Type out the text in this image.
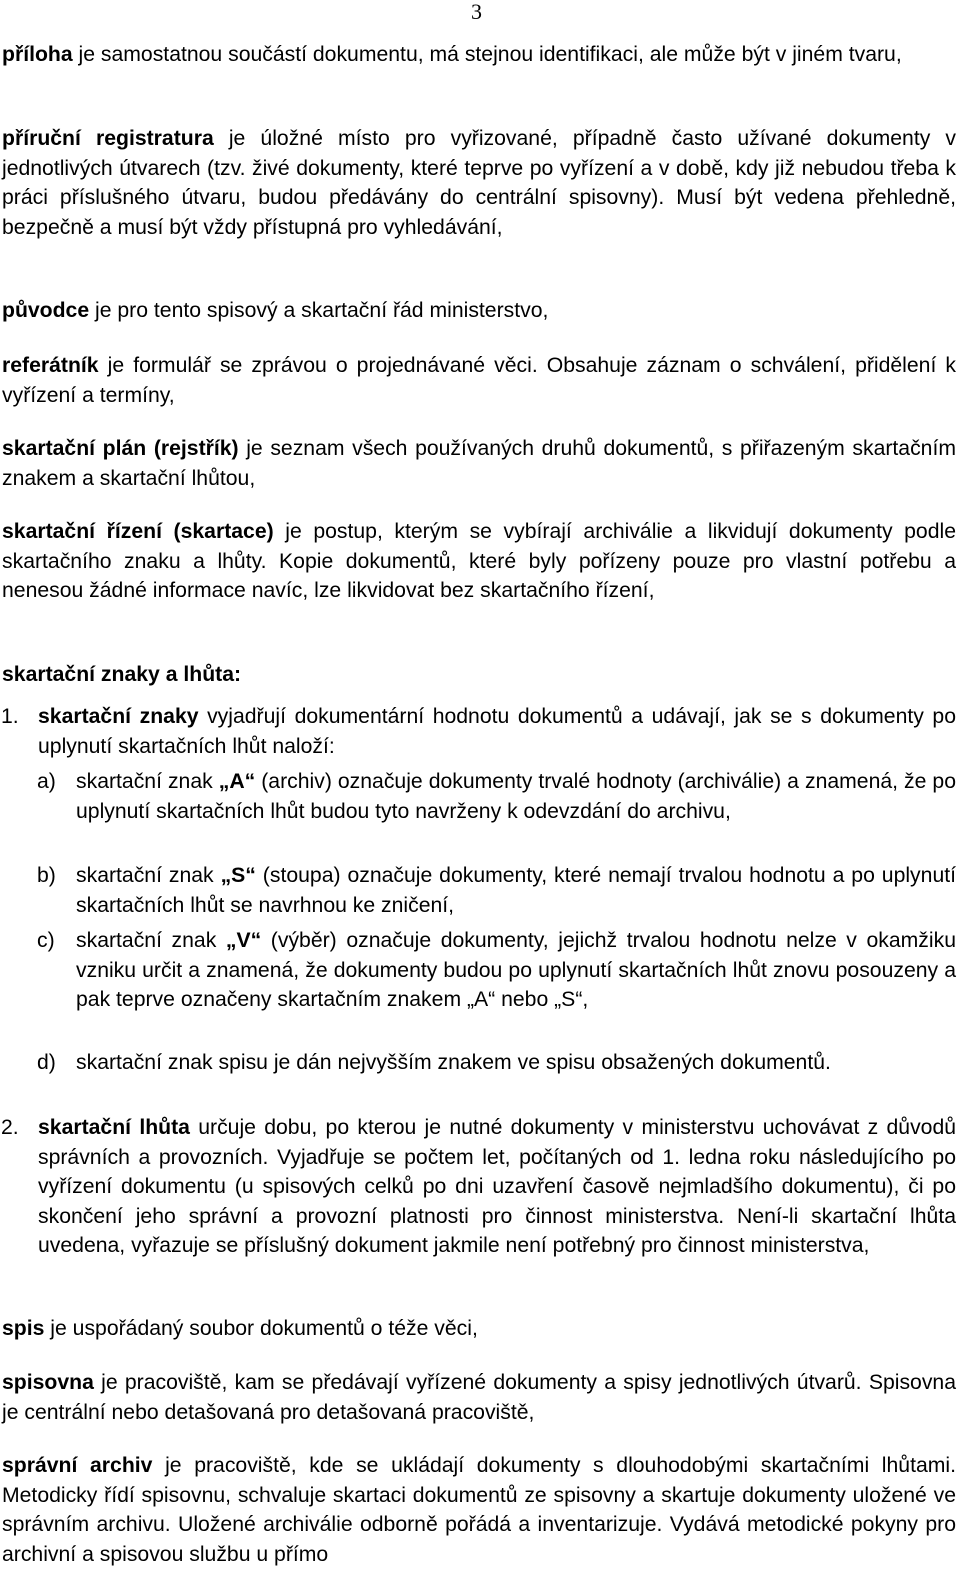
3

příloha je samostatnou součástí dokumentu, má stejnou identifikaci, ale může být v jiném tvaru,

příruční registratura je úložné místo pro vyřizované, případně často užívané dokumenty v jednotlivých útvarech (tzv. živé dokumenty, které teprve po vyřízení a v době, kdy již nebudou třeba k práci příslušného útvaru, budou předávány do centrální spisovny). Musí být vedena přehledně, bezpečně a musí být vždy přístupná pro vyhledávání,

původce je pro tento spisový a skartační řád ministerstvo,

referátník je formulář se zprávou o projednávané věci. Obsahuje záznam o schválení, přidělení k vyřízení a termíny,

skartační plán (rejstřík) je seznam všech používaných druhů dokumentů, s přiřazeným skartačním znakem a skartační lhůtou,

skartační řízení (skartace) je postup, kterým se vybírají archiválie a likvidují dokumenty podle skartačního znaku a lhůty. Kopie dokumentů, které byly pořízeny pouze pro vlastní potřebu a nenesou žádné informace navíc, lze likvidovat bez skartačního řízení,

skartační znaky a lhůta:

1. skartační znaky vyjadřují dokumentární hodnotu dokumentů a udávají, jak se s dokumenty po uplynutí skartačních lhůt naloží:
a) skartační znak „A“ (archiv) označuje dokumenty trvalé hodnoty (archiválie) a znamená, že po uplynutí skartačních lhůt budou tyto navrženy k odevzdání do archivu,
b) skartační znak „S“ (stoupa) označuje dokumenty, které nemají trvalou hodnotu a po uplynutí skartačních lhůt se navrhnou ke zničení,
c) skartační znak „V“ (výběr) označuje dokumenty, jejichž trvalou hodnotu nelze v okamžiku vzniku určit a znamená, že dokumenty budou po uplynutí skartačních lhůt znovu posouzeny a pak teprve označeny skartačním znakem „A“ nebo „S“,
d) skartační znak spisu je dán nejvyšším znakem ve spisu obsažených dokumentů.
2. skartační lhůta určuje dobu, po kterou je nutné dokumenty v ministerstvu uchovávat z důvodů správních a provozních. Vyjadřuje se počtem let, počítaných od 1. ledna roku následujícího po vyřízení dokumentu (u spisových celků po dni uzavření časově nejmladšího dokumentu), či po skončení jeho správní a provozní platnosti pro činnost ministerstva. Není-li skartační lhůta uvedena, vyřazuje se příslušný dokument jakmile není potřebný pro činnost ministerstva,

spis je uspořádaný soubor dokumentů o téže věci,

spisovna je pracoviště, kam se předávají vyřízené dokumenty a spisy jednotlivých útvarů. Spisovna je centrální nebo detašovaná pro detašovaná pracoviště,

správní archiv je pracoviště, kde se ukládají dokumenty s dlouhodobými skartačními lhůtami. Metodicky řídí spisovnu, schvaluje skartaci dokumentů ze spisovny a skartuje dokumenty uložené ve správním archivu. Uložené archiválie odborně pořádá a inventarizuje. Vydává metodické pokyny pro archivní a spisovou službu u přímo
